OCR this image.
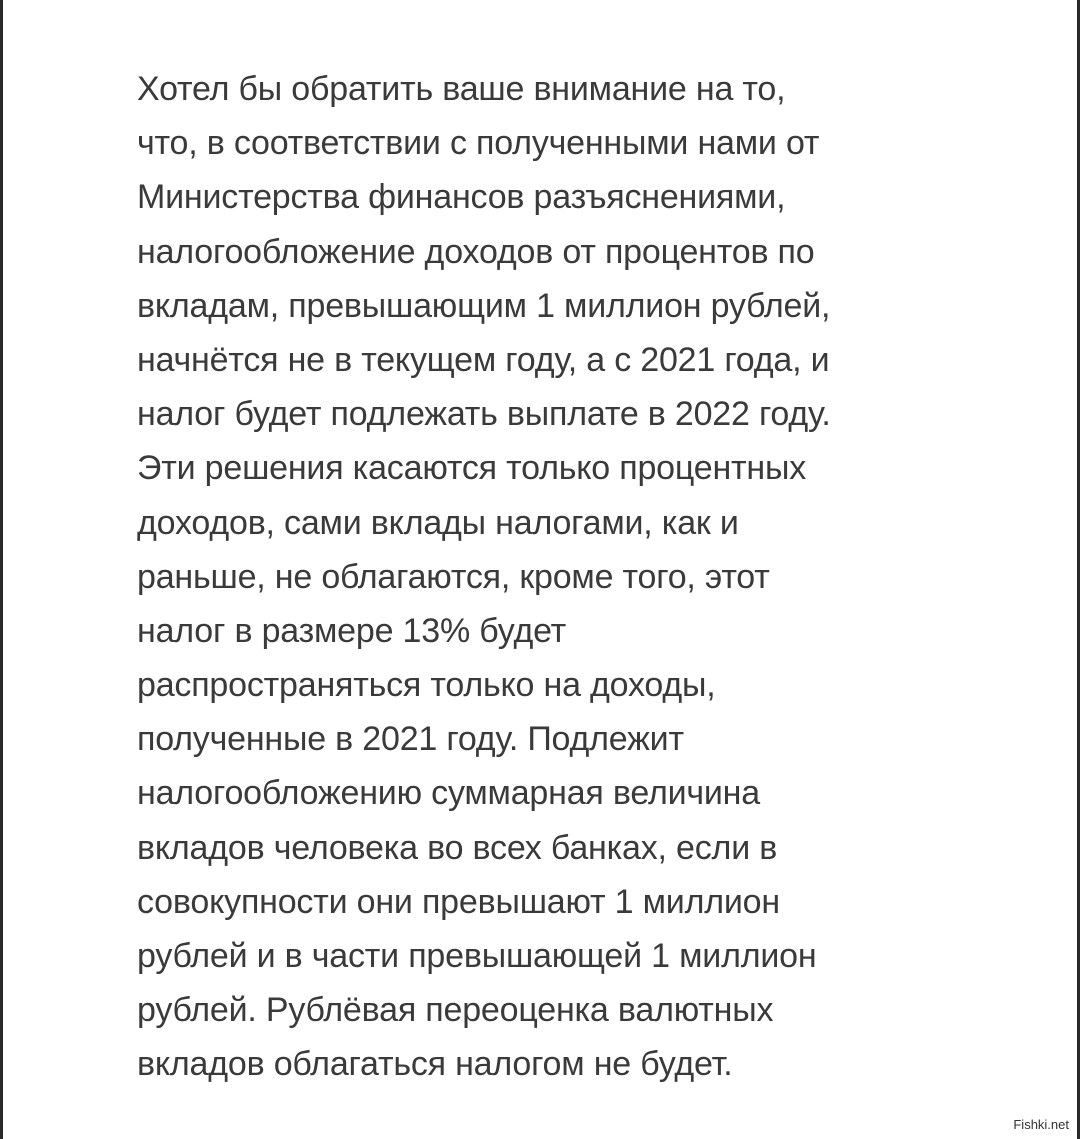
Хотел бы обратить ваше внимание на то,
что, в соответствии с полученными нами от
Министерства финансов разъяснениями,
налогообложение доходов от процентов по
вкладам, превышающим 1 миллион рублей,
начнётся не в текущем году, а с 2021 года, и
налог будет подлежать выплате в 2022 году.
Эти решения касаются только процентных
доходов, сами вклады налогами, как и
раньше, не облагаются, кроме того, этот
налог в размере 13% будет
распространяться только на доходы,
полученные в 2021 году. Подлежит
налогообложению суммарная величина
вкладов человека во всех банках, если в
совокупности они превышают 1 миллион
рублей и в части превышающей 1 миллион
рублей. Рублёвая переоценка валютных
вкладов облагаться налогом не будет.
Fishki.net
